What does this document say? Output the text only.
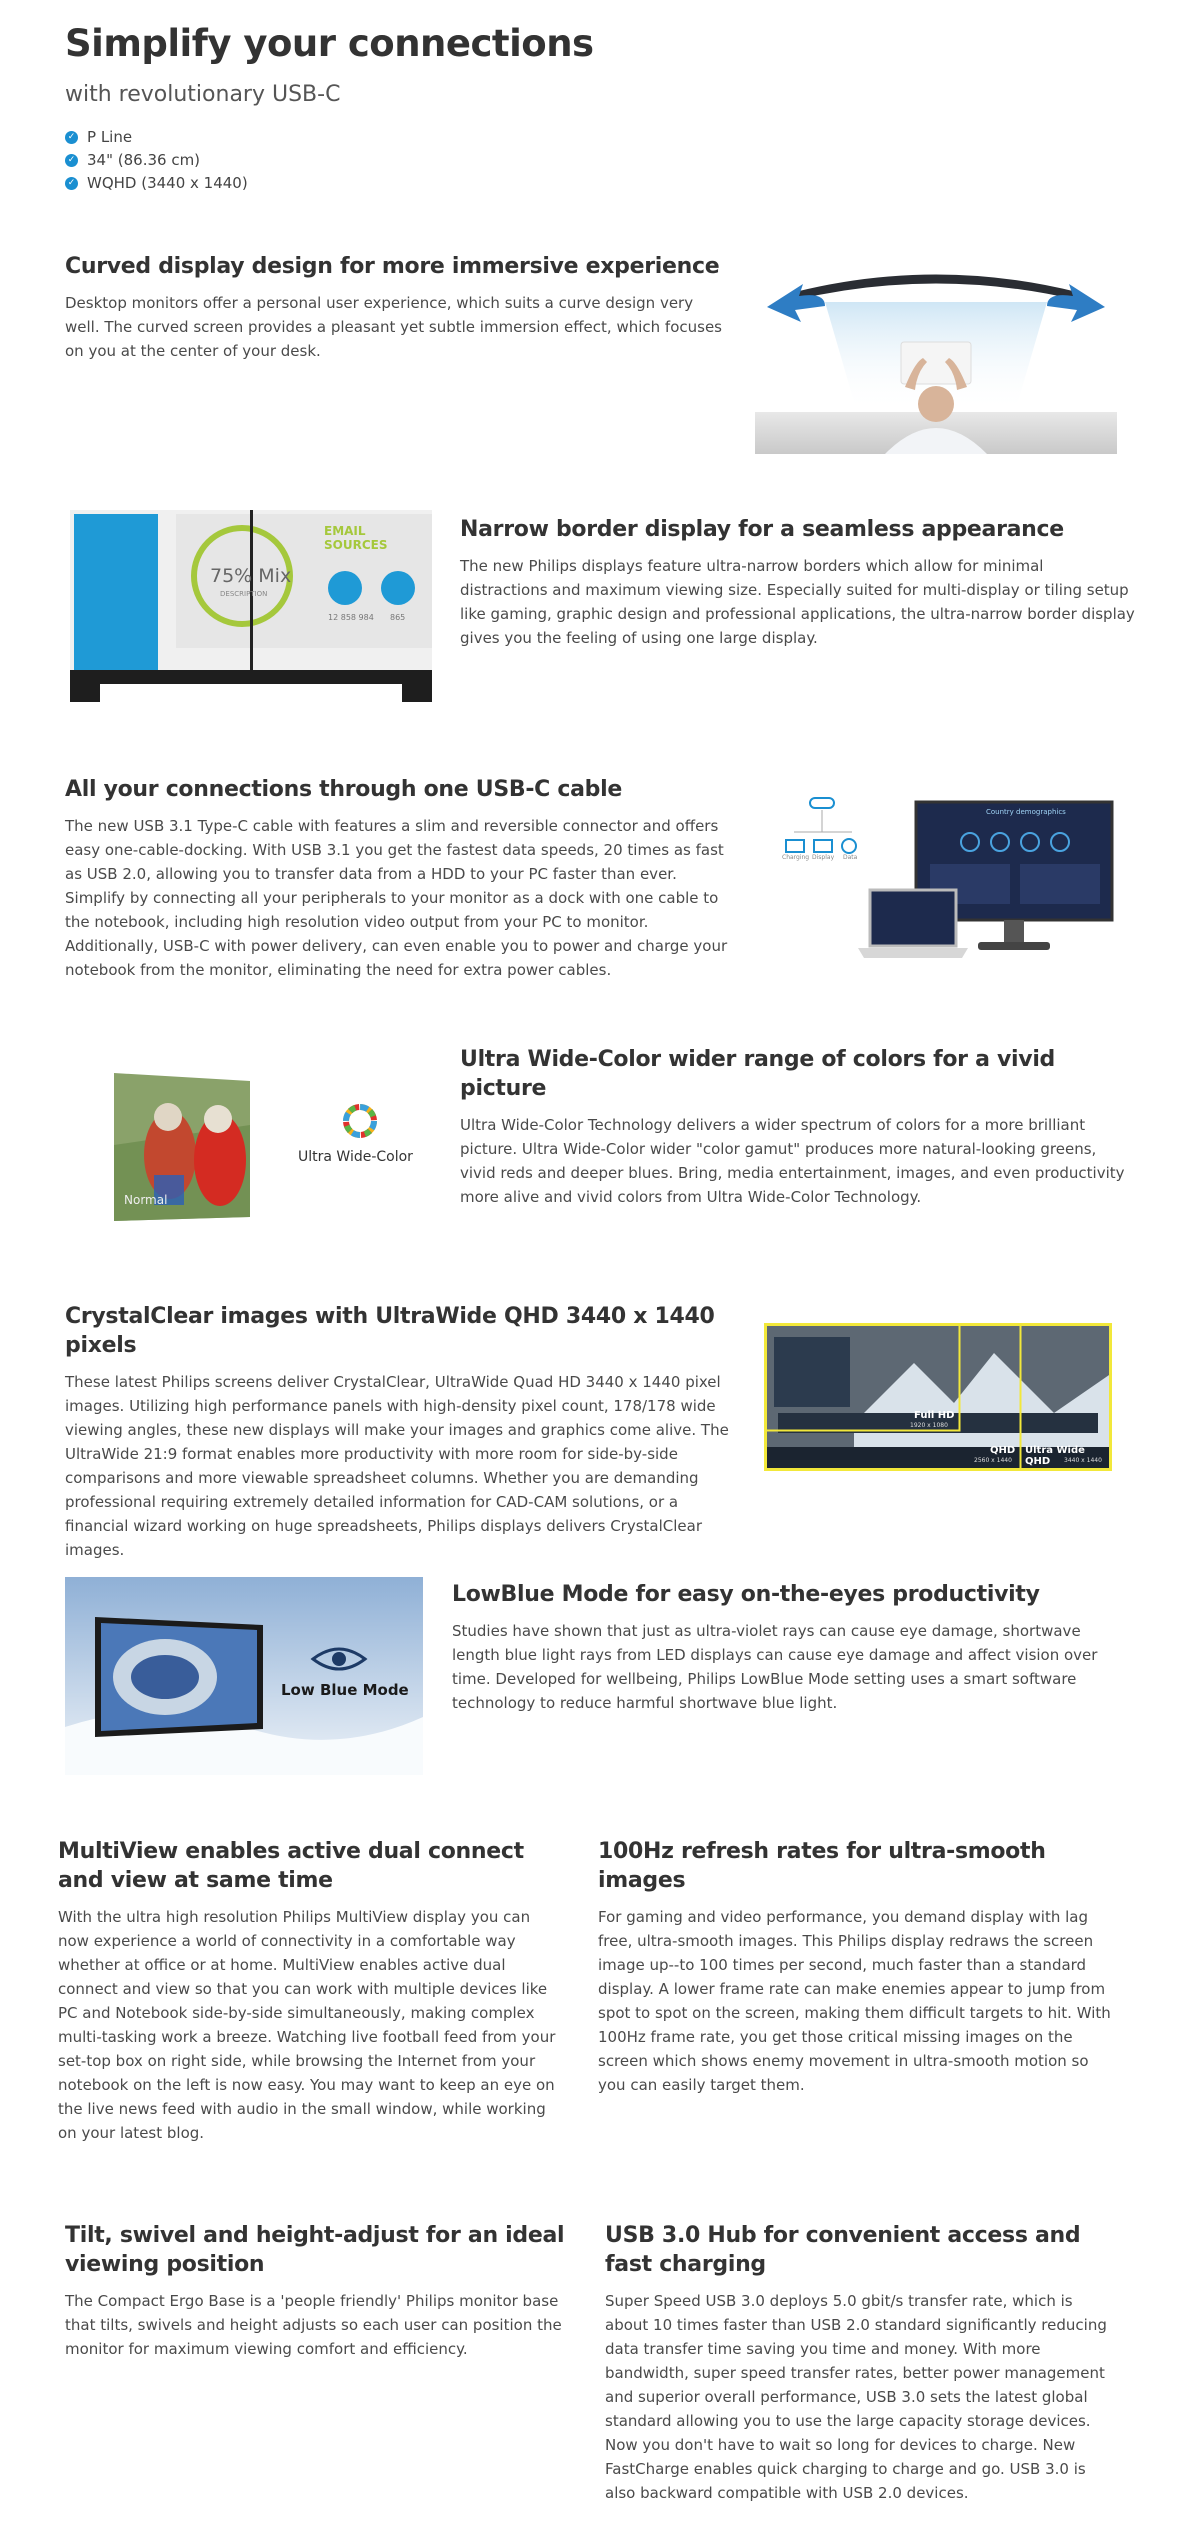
Simplify your connections
with revolutionary USB-C
✓ P Line
✓ 34" (86.36 cm)
✓ WQHD (3440 x 1440)
Curved display design for more immersive experience

Desktop monitors offer a personal user experience, which suits a curve design very well. The curved screen provides a pleasant yet subtle immersion effect, which focuses on you at the center of your desk.

EMAIL SOURCES
75% Mix
DESCRIPTION
12 858 984 865
Narrow border display for a seamless appearance

The new Philips displays feature ultra-narrow borders which allow for minimal distractions and maximum viewing size. Especially suited for multi-display or tiling setup like gaming, graphic design and professional applications, the ultra-narrow border display gives you the feeling of using one large display.

All your connections through one USB-C cable

The new USB 3.1 Type-C cable with features a slim and reversible connector and offers easy one-cable-docking. With USB 3.1 you get the fastest data speeds, 20 times as fast as USB 2.0, allowing you to transfer data from a HDD to your PC faster than ever. Simplify by connecting all your peripherals to your monitor as a dock with one cable to the notebook, including high resolution video output from your PC to monitor. Additionally, USB-C with power delivery, can even enable you to power and charge your notebook from the monitor, eliminating the need for extra power cables.

Country demographics
Charging Display Data
Normal
Ultra Wide-Color
Ultra Wide-Color wider range of colors for a vivid picture

Ultra Wide-Color Technology delivers a wider spectrum of colors for a more brilliant picture. Ultra Wide-Color wider "color gamut" produces more natural-looking greens, vivid reds and deeper blues. Bring, media entertainment, images, and even productivity more alive and vivid colors from Ultra Wide-Color Technology.

CrystalClear images with UltraWide QHD 3440 x 1440 pixels

These latest Philips screens deliver CrystalClear, UltraWide Quad HD 3440 x 1440 pixel images. Utilizing high performance panels with high-density pixel count, 178/178 wide viewing angles, these new displays will make your images and graphics come alive. The UltraWide 21:9 format enables more productivity with more room for side-by-side comparisons and more viewable spreadsheet columns. Whether you are demanding professional requiring extremely detailed information for CAD-CAM solutions, or a financial wizard working on huge spreadsheets, Philips displays delivers CrystalClear images.

Full HD
1920 x 1080
QHD
2560 x 1440
Ultra Wide QHD	3440 x 1440
Low Blue Mode
LowBlue Mode for easy on-the-eyes productivity

Studies have shown that just as ultra-violet rays can cause eye damage, shortwave length blue light rays from LED displays can cause eye damage and affect vision over time. Developed for wellbeing, Philips LowBlue Mode setting uses a smart software technology to reduce harmful shortwave blue light.

MultiView enables active dual connect and view at same time

With the ultra high resolution Philips MultiView display you can now experience a world of connectivity in a comfortable way whether at office or at home. MultiView enables active dual connect and view so that you can work with multiple devices like PC and Notebook side-by-side simultaneously, making complex multi-tasking work a breeze. Watching live football feed from your set-top box on right side, while browsing the Internet from your notebook on the left is now easy. You may want to keep an eye on the live news feed with audio in the small window, while working on your latest blog.

100Hz refresh rates for ultra-smooth images

For gaming and video performance, you demand display with lag free, ultra-smooth images. This Philips display redraws the screen image up--to 100 times per second, much faster than a standard display. A lower frame rate can make enemies appear to jump from spot to spot on the screen, making them difficult targets to hit. With 100Hz frame rate, you get those critical missing images on the screen which shows enemy movement in ultra-smooth motion so you can easily target them.

Tilt, swivel and height-adjust for an ideal viewing position

The Compact Ergo Base is a 'people friendly' Philips monitor base that tilts, swivels and height adjusts so each user can position the monitor for maximum viewing comfort and efficiency.

USB 3.0 Hub for convenient access and fast charging

Super Speed USB 3.0 deploys 5.0 gbit/s transfer rate, which is about 10 times faster than USB 2.0 standard significantly reducing data transfer time saving you time and money. With more bandwidth, super speed transfer rates, better power management and superior overall performance, USB 3.0 sets the latest global standard allowing you to use the large capacity storage devices. Now you don't have to wait so long for devices to charge. New FastCharge enables quick charging to charge and go. USB 3.0 is also backward compatible with USB 2.0 devices.
